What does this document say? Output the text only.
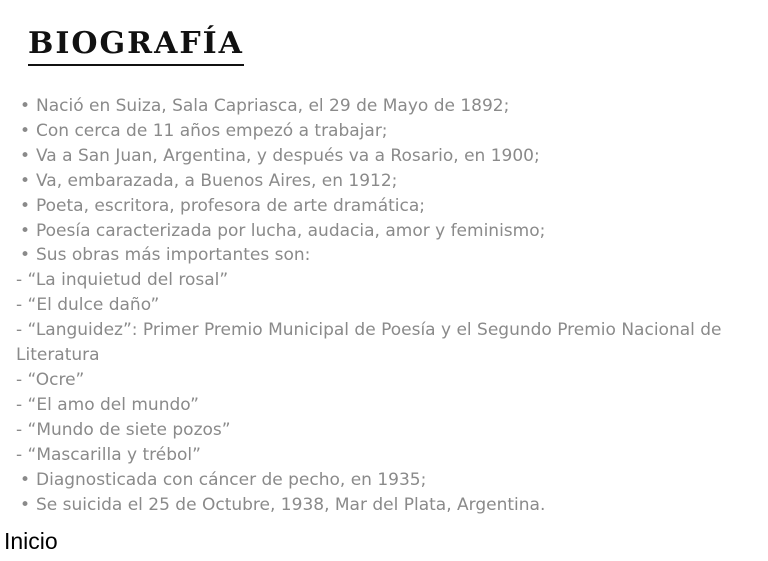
BIOGRAFÍA
• Nació en Suiza, Sala Capriasca, el 29 de Mayo de 1892;
• Con cerca de 11 años empezó a trabajar;
• Va a San Juan, Argentina, y después va a Rosario, en 1900;
• Va, embarazada, a Buenos Aires, en 1912;
• Poeta, escritora, profesora de arte dramática;
• Poesía caracterizada por lucha, audacia, amor y feminismo;
• Sus obras más importantes son:
- “La inquietud del rosal”
- “El dulce daño”
- “Languidez”: Primer Premio Municipal de Poesía y el Segundo Premio Nacional de Literatura
- “Ocre”
- “El amo del mundo”
- “Mundo de siete pozos”
- “Mascarilla y trébol”
• Diagnosticada con cáncer de pecho, en 1935;
• Se suicida el 25 de Octubre, 1938, Mar del Plata, Argentina.
Inicio
